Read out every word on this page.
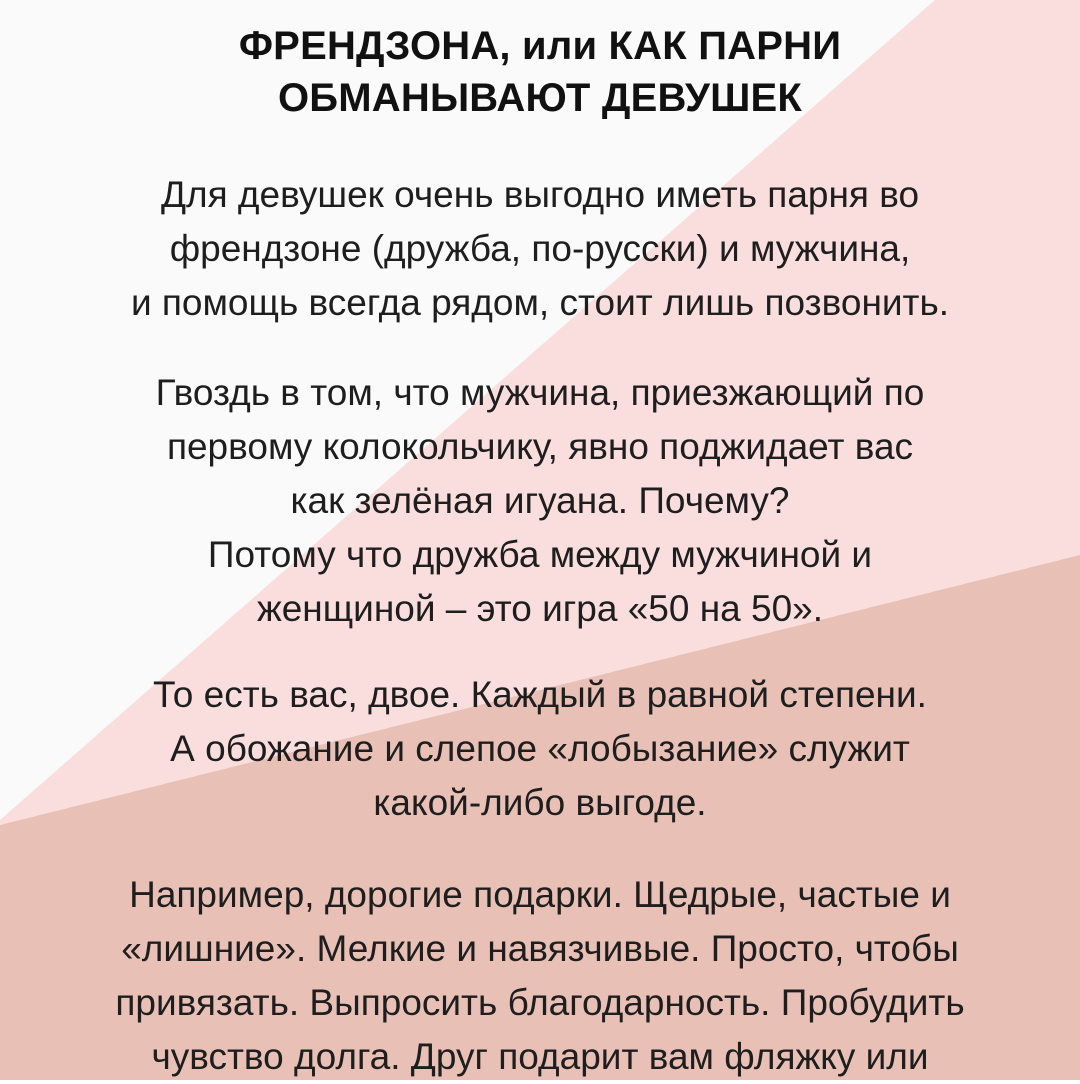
ФРЕНДЗОНА, или КАК ПАРНИ
ОБМАНЫВАЮТ ДЕВУШЕК
Для девушек очень выгодно иметь парня во
френдзоне (дружба, по-русски) и мужчина,
и помощь всегда рядом, стоит лишь позвонить.
Гвоздь в том, что мужчина, приезжающий по
первому колокольчику, явно поджидает вас
как зелёная игуана. Почему?
Потому что дружба между мужчиной и
женщиной – это игра «50 на 50».
То есть вас, двое. Каждый в равной степени.
А обожание и слепое «лобызание» служит
какой-либо выгоде.
Например, дорогие подарки. Щедрые, частые и
«лишние». Мелкие и навязчивые. Просто, чтобы
привязать. Выпросить благодарность. Пробудить
чувство долга. Друг подарит вам фляжку или
